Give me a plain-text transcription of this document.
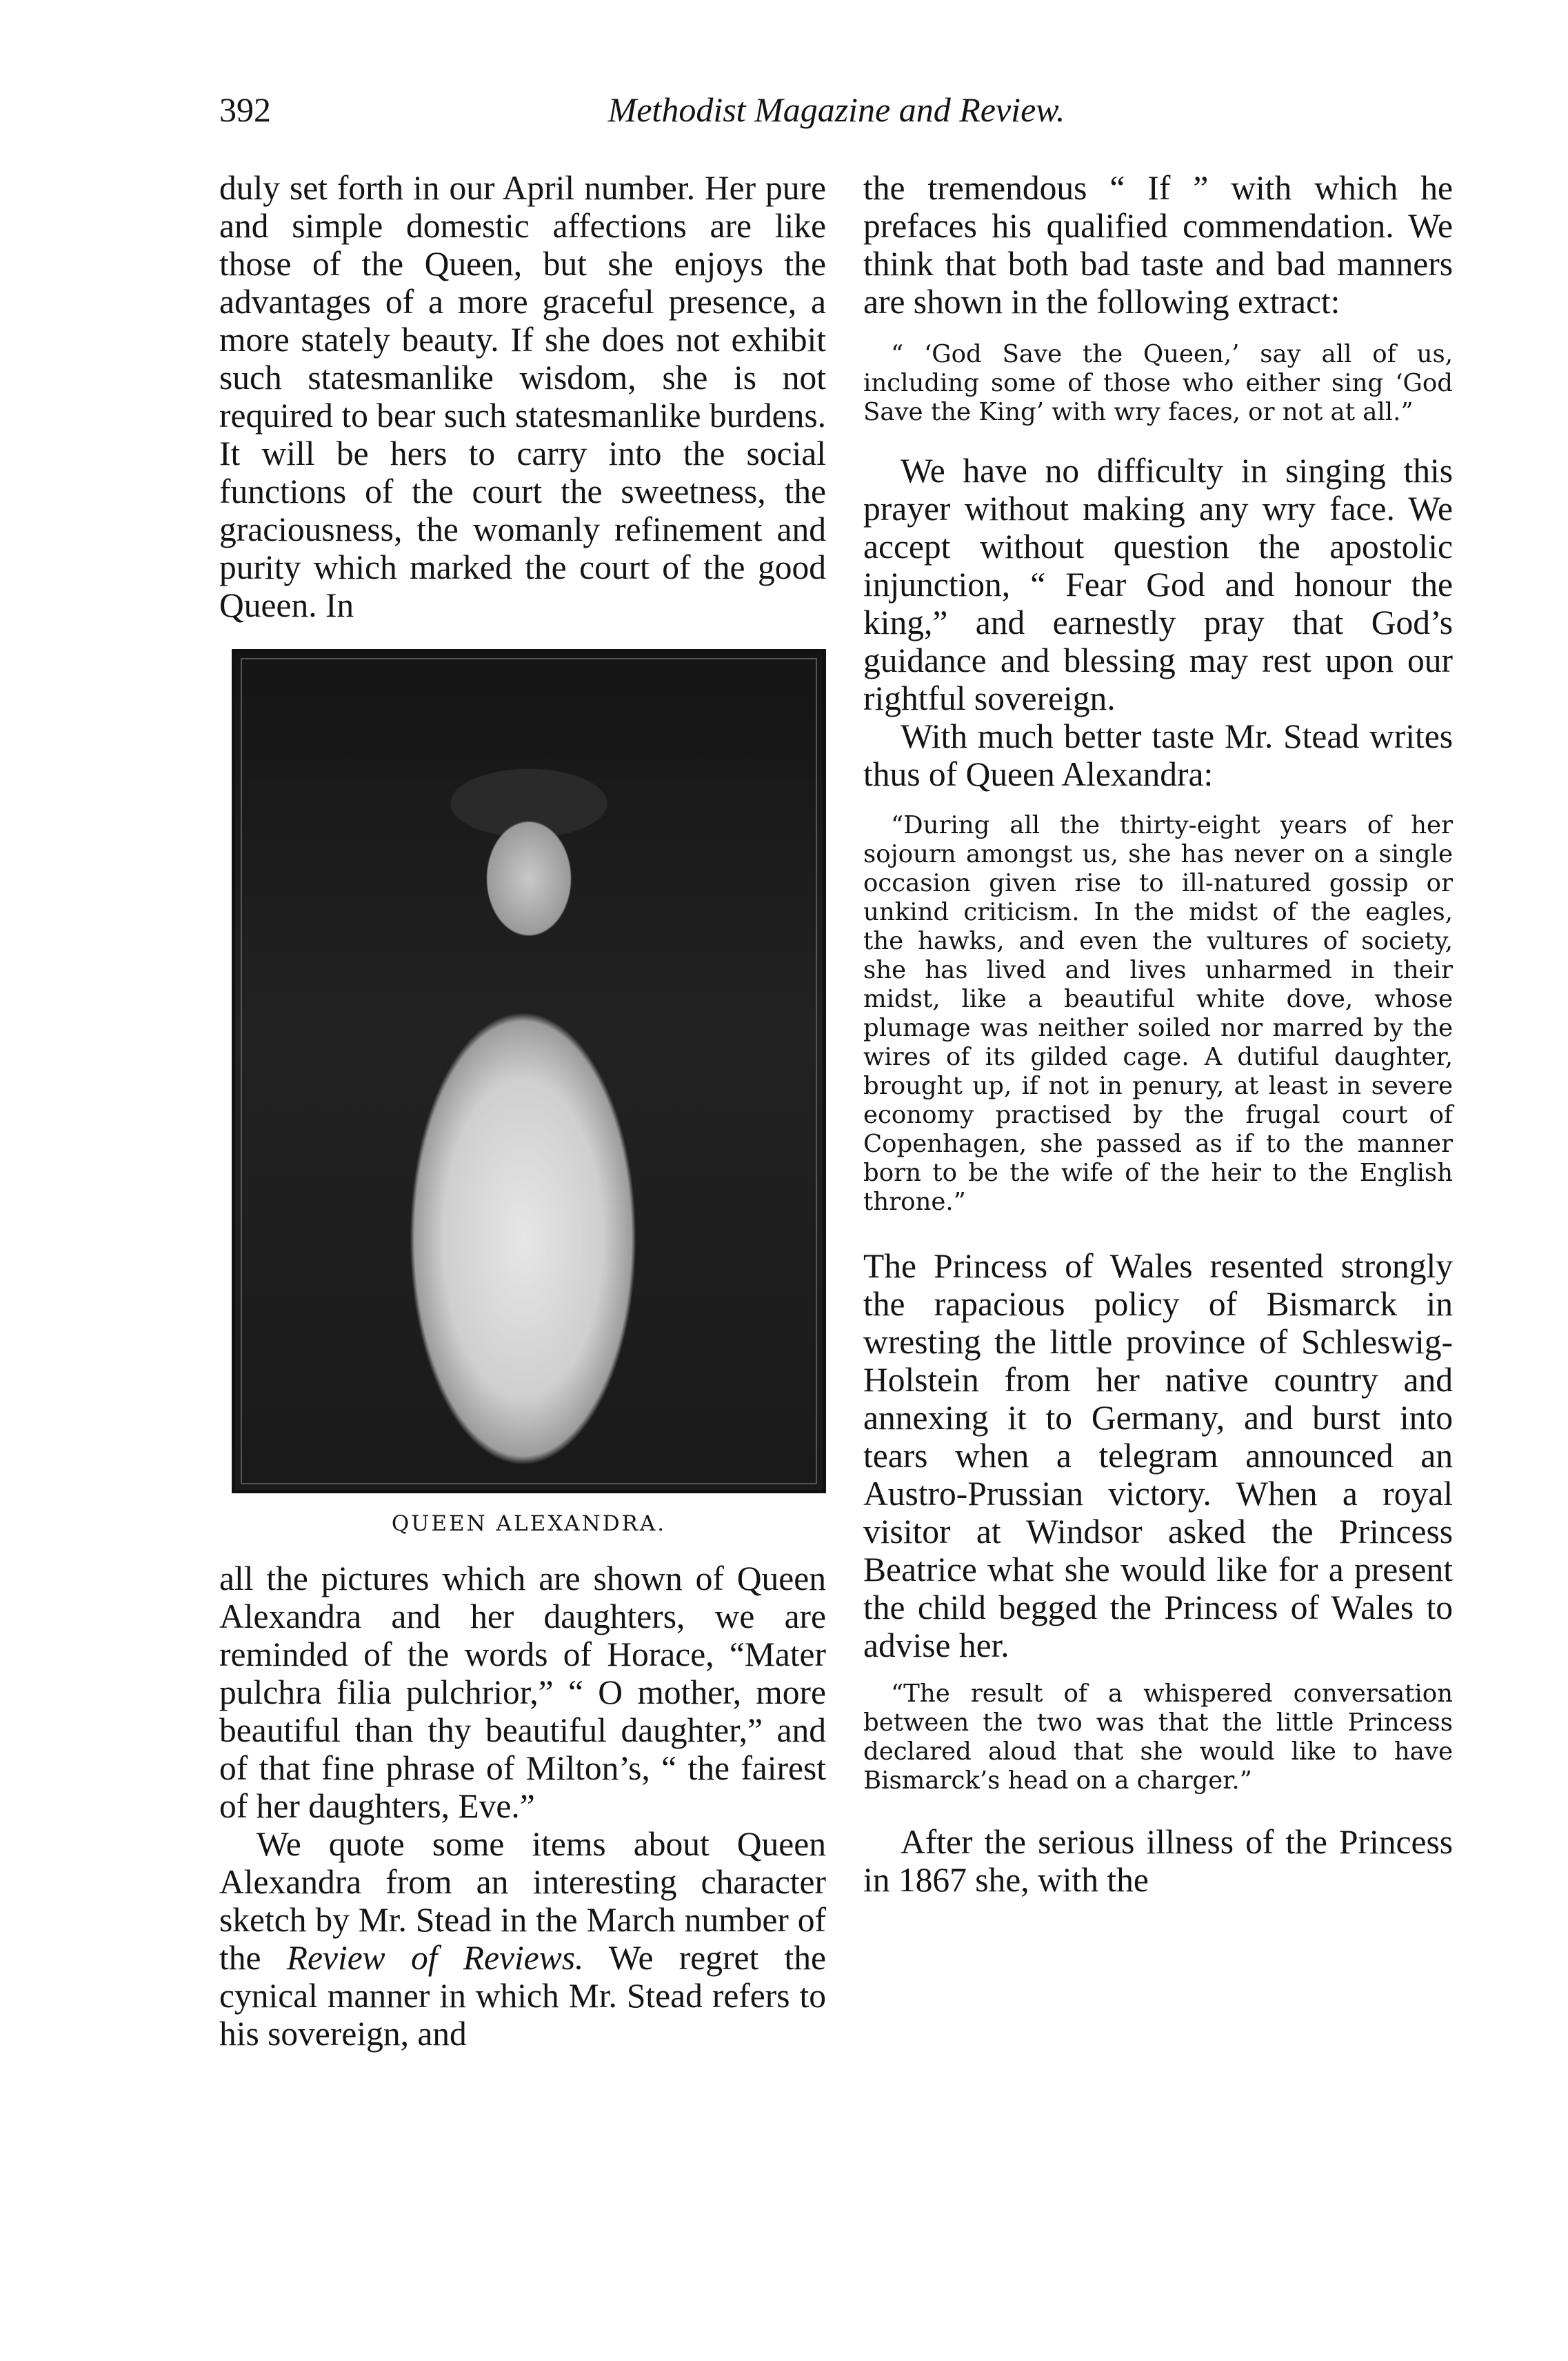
392	Methodist Magazine and Review.

duly set forth in our April number. Her pure and simple domestic affections are like those of the Queen, but she enjoys the advantages of a more graceful presence, a more stately beauty. If she does not exhibit such statesmanlike wisdom, she is not required to bear such statesmanlike burdens. It will be hers to carry into the social functions of the court the sweetness, the graciousness, the womanly refinement and purity which marked the court of the good Queen. In

QUEEN ALEXANDRA.

all the pictures which are shown of Queen Alexandra and her daughters, we are reminded of the words of Horace, “Mater pulchra filia pulchrior,” “ O mother, more beautiful than thy beautiful daughter,” and of that fine phrase of Milton’s, “ the fairest of her daughters, Eve.”

We quote some items about Queen Alexandra from an interesting character sketch by Mr. Stead in the March number of the Review of Reviews. We regret the cynical manner in which Mr. Stead refers to his sovereign, and

the tremendous “ If ” with which he prefaces his qualified commendation. We think that both bad taste and bad manners are shown in the following extract:

“ ‘God Save the Queen,’ say all of us, including some of those who either sing ‘God Save the King’ with wry faces, or not at all.”

We have no difficulty in singing this prayer without making any wry face. We accept without question the apostolic injunction, “ Fear God and honour the king,” and earnestly pray that God’s guidance and blessing may rest upon our rightful sovereign.

With much better taste Mr. Stead writes thus of Queen Alexandra:

“During all the thirty-eight years of her sojourn amongst us, she has never on a single occasion given rise to ill-natured gossip or unkind criticism. In the midst of the eagles, the hawks, and even the vultures of society, she has lived and lives unharmed in their midst, like a beautiful white dove, whose plumage was neither soiled nor marred by the wires of its gilded cage. A dutiful daughter, brought up, if not in penury, at least in severe economy practised by the frugal court of Copenhagen, she passed as if to the manner born to be the wife of the heir to the English throne.”

The Princess of Wales resented strongly the rapacious policy of Bismarck in wresting the little province of Schleswig-Holstein from her native country and annexing it to Germany, and burst into tears when a telegram announced an Austro-Prussian victory. When a royal visitor at Windsor asked the Princess Beatrice what she would like for a present the child begged the Princess of Wales to advise her.

“The result of a whispered conversation between the two was that the little Princess declared aloud that she would like to have Bismarck’s head on a charger.”

After the serious illness of the Princess in 1867 she, with the
